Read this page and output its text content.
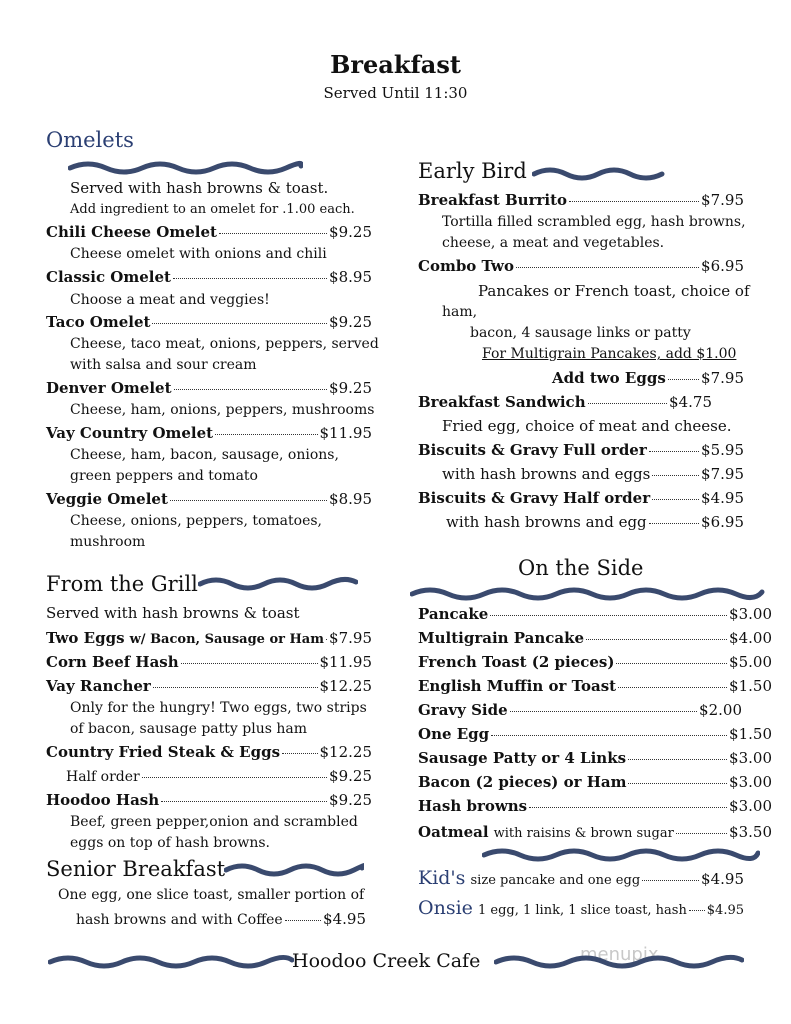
Breakfast
Served Until 11:30
Omelets
Served with hash browns & toast.
Add ingredient to an omelet for .1.00 each.
Chili Cheese Omelet	$9.25
Cheese omelet with onions and chili
Classic Omelet	$8.95
Choose a meat and veggies!
Taco Omelet	$9.25
Cheese, taco meat, onions, peppers, served
with salsa and sour cream
Denver Omelet	$9.25
Cheese, ham, onions, peppers, mushrooms
Vay Country Omelet	$11.95
Cheese, ham, bacon, sausage, onions,
green peppers and tomato
Veggie Omelet	$8.95
Cheese, onions, peppers, tomatoes,
mushroom
From the Grill
Served with hash browns & toast
Two Eggs
w/ Bacon, Sausage or Ham $7.95
Corn Beef Hash	$11.95
Vay Rancher	$12.25
Only for the hungry! Two eggs, two strips
of bacon, sausage patty plus ham
Country Fried Steak & Eggs	$12.25
Half order	$9.25
Hoodoo Hash	$9.25
Beef, green pepper,onion and scrambled
eggs on top of hash browns.
Senior Breakfast
One egg, one slice toast, smaller portion of
hash browns and with Coffee	$4.95
Early Bird
Breakfast Burrito	$7.95
Tortilla filled scrambled egg, hash browns,
cheese, a meat and vegetables.
Combo Two	$6.95
Pancakes or French toast, choice of
ham,
bacon, 4 sausage links or patty
For Multigrain Pancakes, add $1.00
Add two Eggs $7.95
Breakfast Sandwich	$4.75
Fried egg, choice of meat and cheese.
Biscuits & Gravy Full order	$5.95
with hash browns and eggs	$7.95
Biscuits & Gravy Half order	$4.95
with hash browns and egg	$6.95
On the Side
Pancake	$3.00
Multigrain Pancake	$4.00
French Toast (2 pieces)	$5.00
English Muffin or Toast	$1.50
Gravy Side	$2.00
One Egg	$1.50
Sausage Patty or 4 Links	$3.00
Bacon (2 pieces) or Ham	$3.00
Hash browns	$3.00
Oatmeal
with raisins & brown sugar	$3.50
Kid's
size pancake and one egg	$4.95
Onsie
1 egg, 1 link, 1 slice toast, hash $4.95
menupix
Hoodoo Creek Cafe
